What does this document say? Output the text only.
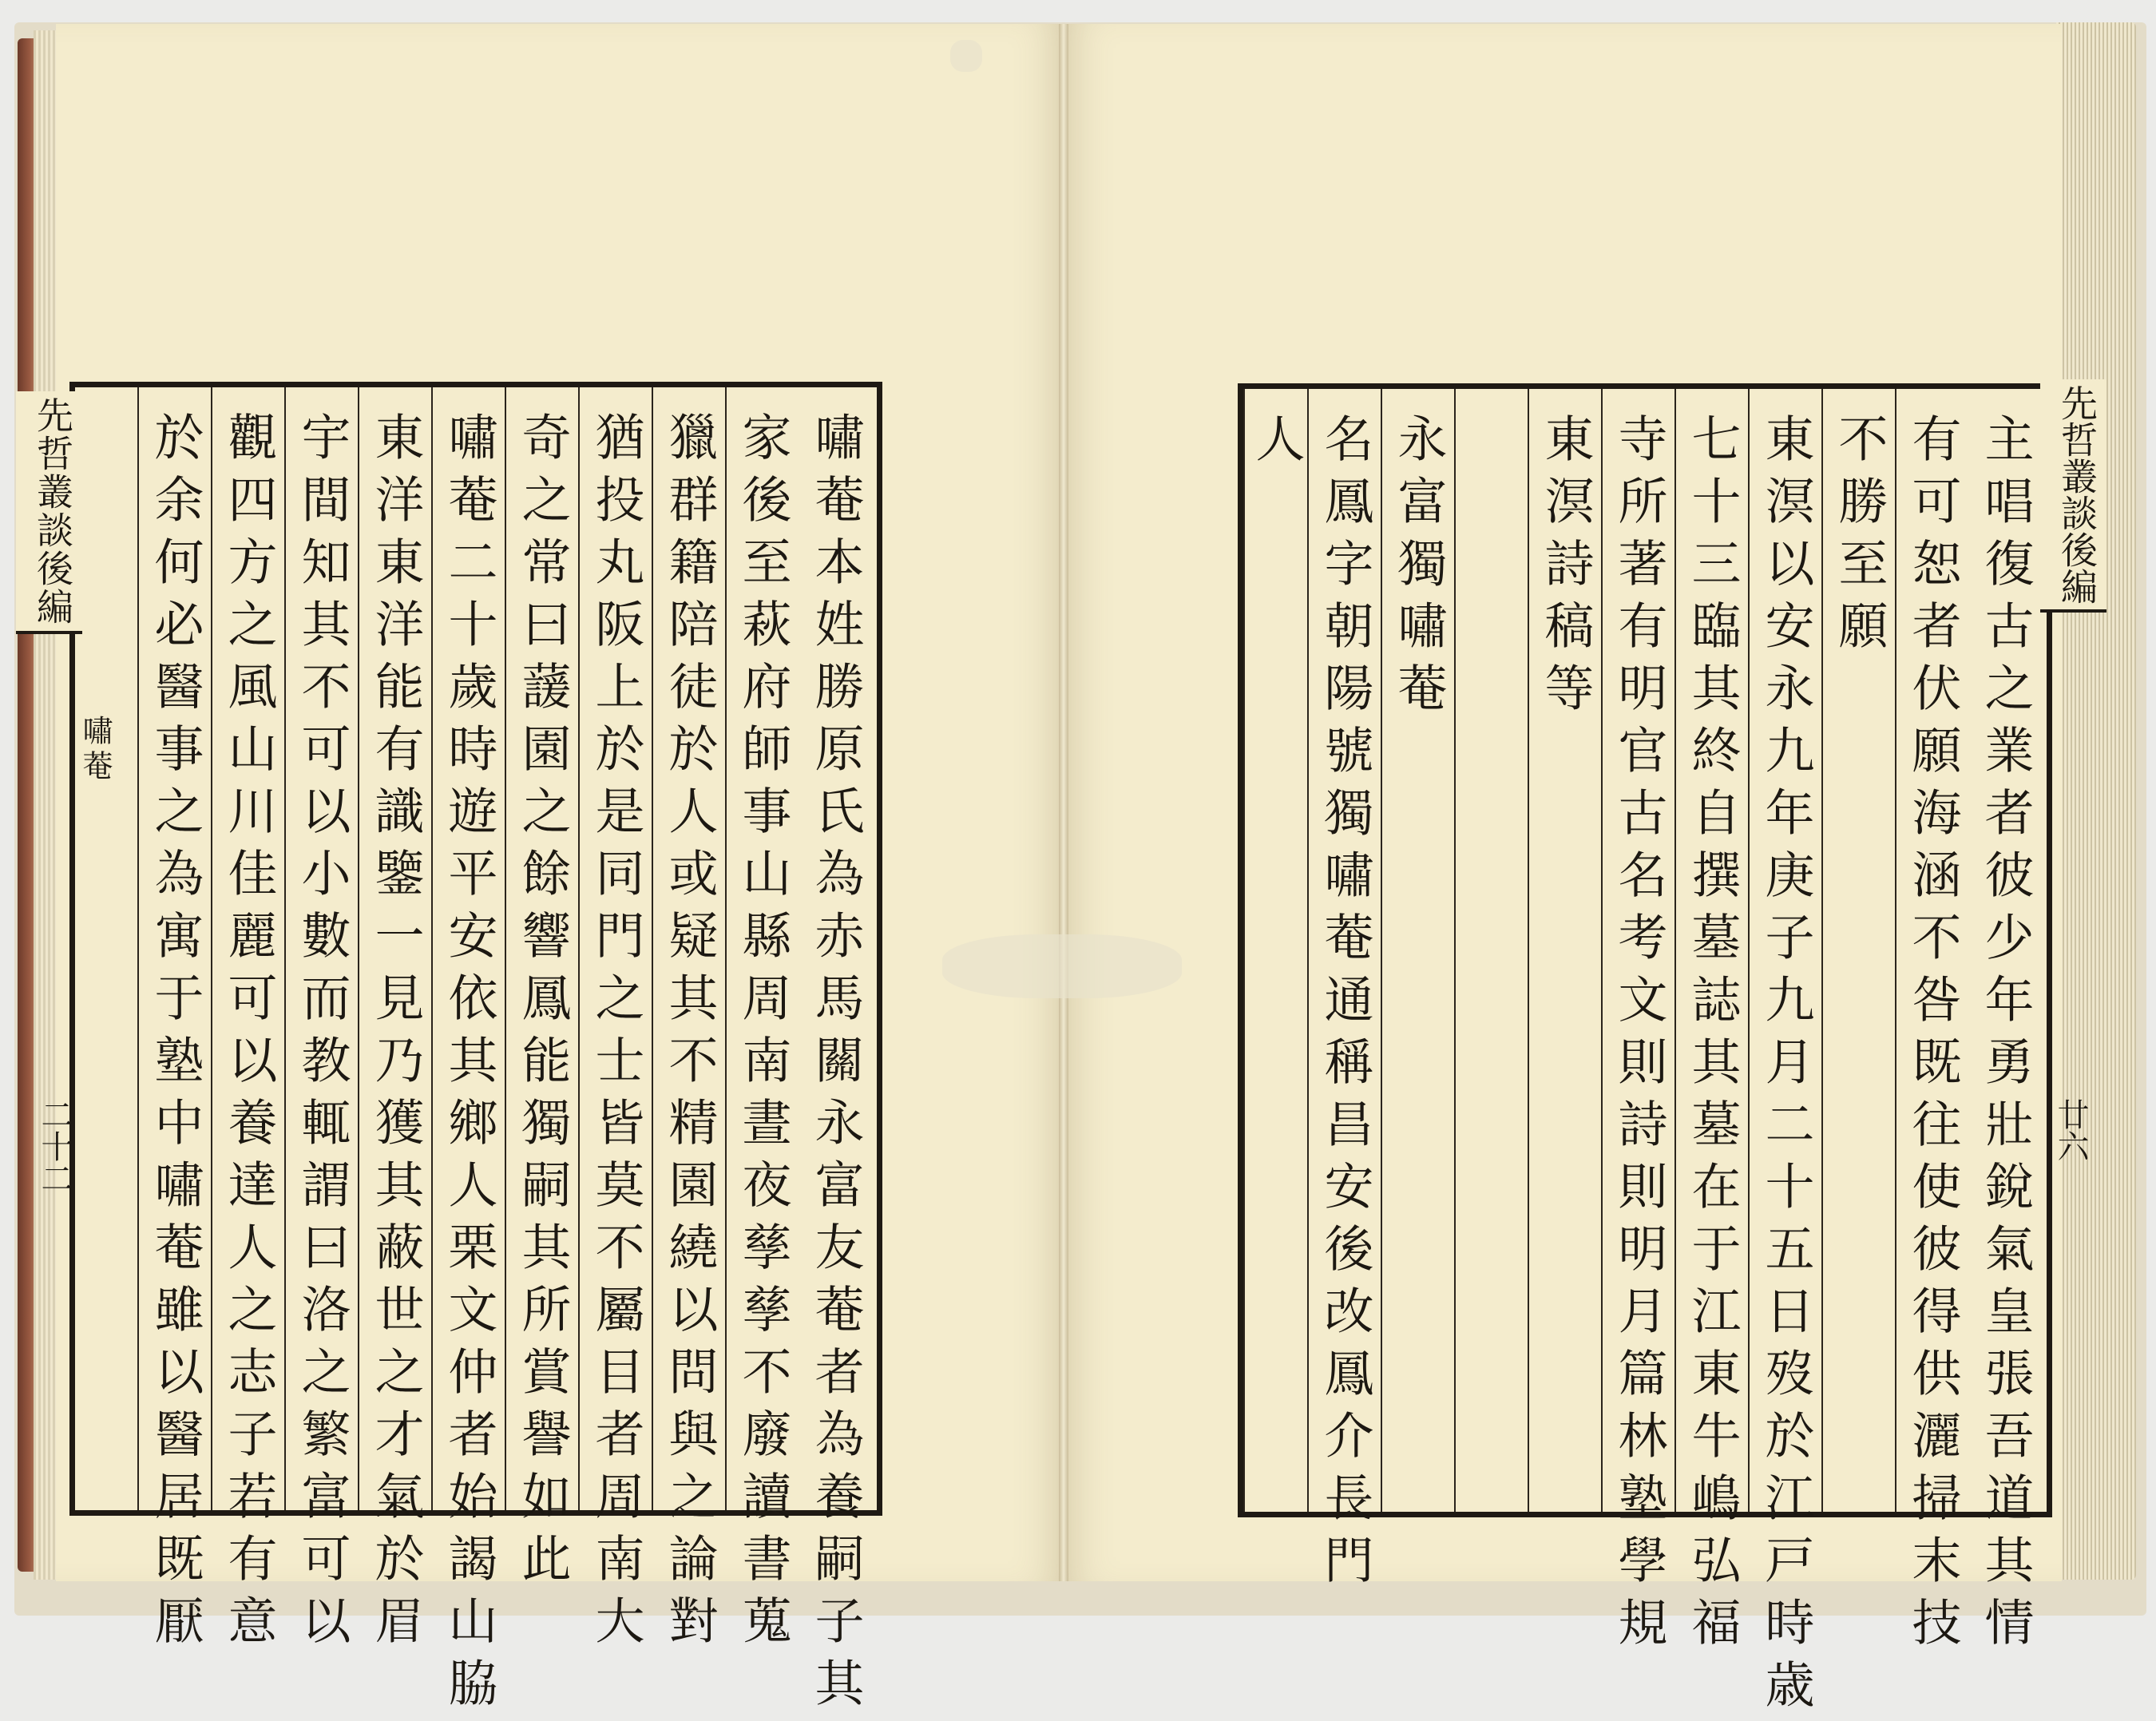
嘯菴本姓勝原氏為赤馬關永富友菴者為養嗣子其
家後至萩府師事山縣周南晝夜孳孳不廢讀書蒐
獵群籍陪徒於人或疑其不精園繞以問與之論對
猶投丸阪上於是同門之士皆莫不屬目者周南大
奇之常曰蘐園之餘響鳳能獨嗣其所賞譽如此
嘯菴二十歲時遊平安依其鄉人栗文仲者始謁山脇
東洋東洋能有識鑒一見乃獲其蔽世之才氣於眉
宇間知其不可以小數而教輒謂曰洛之繁富可以
觀四方之風山川佳麗可以養達人之志子若有意
於余何必醫事之為寓于塾中嘯菴雖以醫居既厭	主唱復古之業者彼少年勇壯銳氣皇張吾道其情
有可恕者伏願海涵不咎既往使彼得供灑掃末技
不勝至願
東溟以安永九年庚子九月二十五日歿於江戸時歳
七十三臨其終自撰墓誌其墓在于江東牛嶋弘福
寺所著有明官古名考文則詩則明月篇林塾學規
東溟詩稿等
永富獨嘯菴
名鳳字朝陽號獨嘯菴通稱昌安後改鳳介長門
人
先哲叢談後編
嘯菴
二十二
先哲叢談後編
廿六
